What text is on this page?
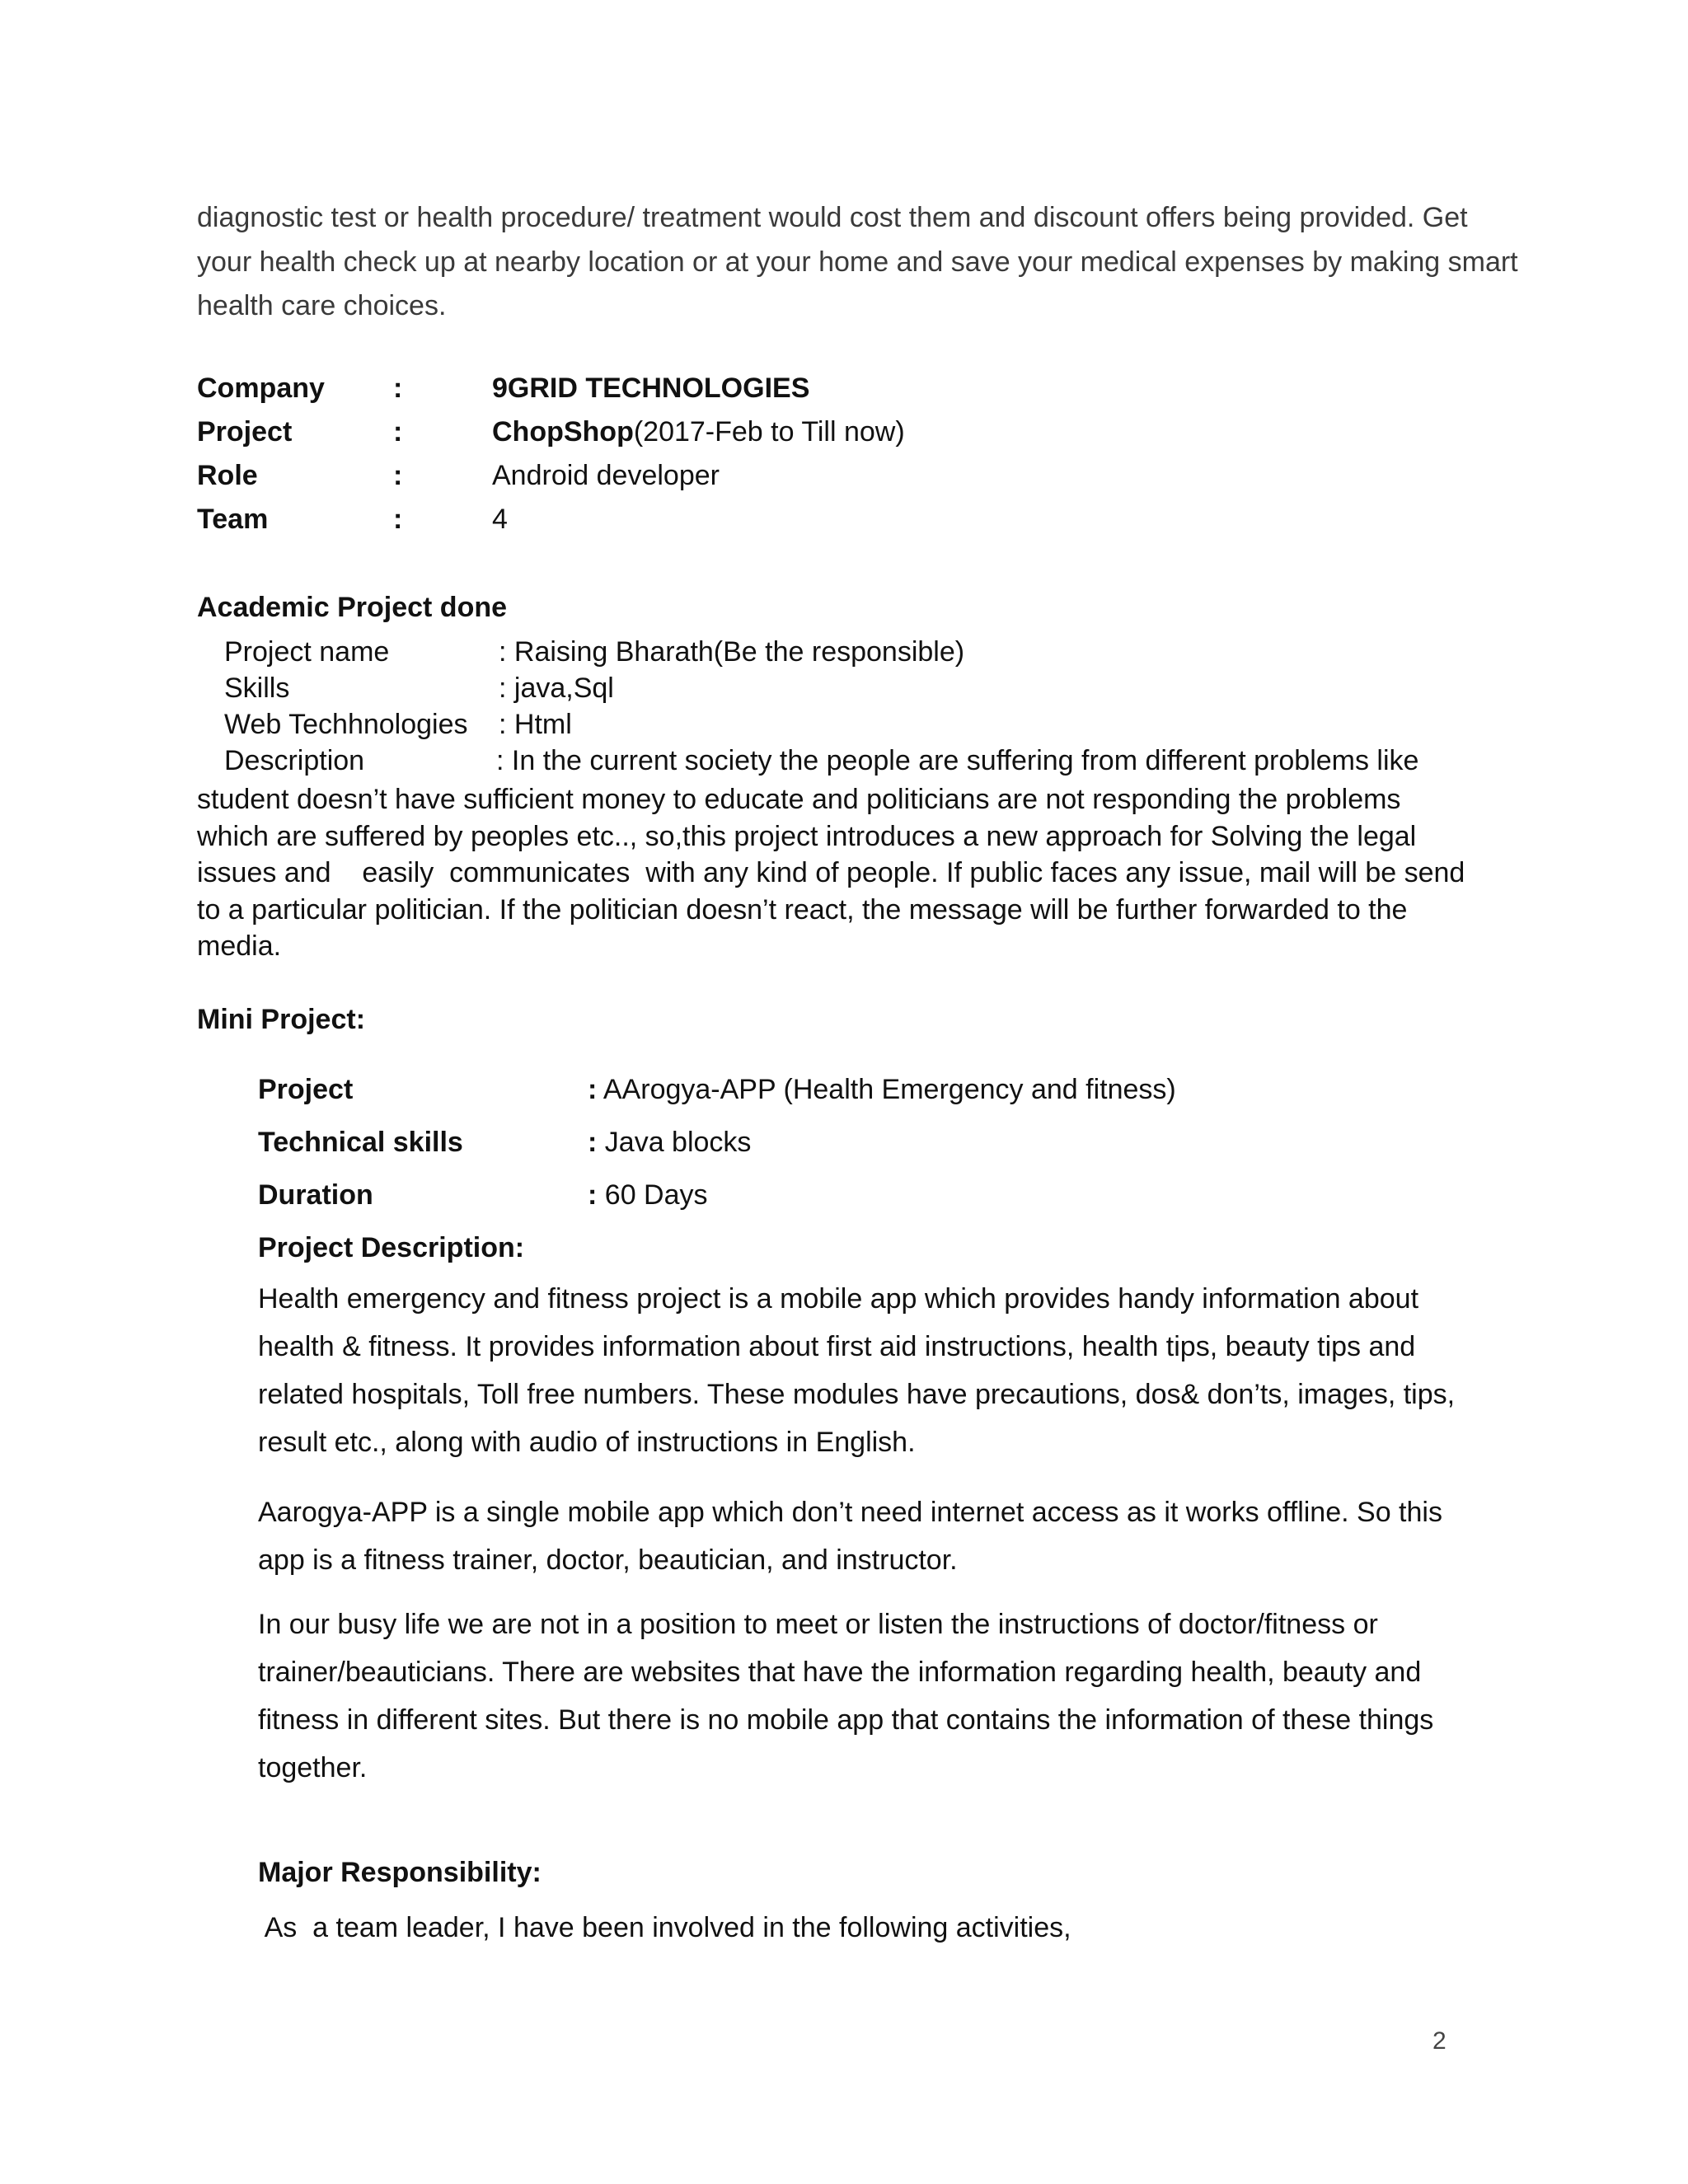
diagnostic test or health procedure/ treatment would cost them and discount offers being provided. Get
your health check up at nearby location or at your home and save your medical expenses by making smart
health care choices.
Company :	9GRID TECHNOLOGIES
Project	:	ChopShop(2017-Feb to Till now)
Role	:	Android developer
Team	:	4
Academic Project done
Project name	: Raising Bharath(Be the responsible)
Skills	: java,Sql
Web Techhnologies : Html
Description	: In the current society the people are suffering from different problems like
student doesn’t have sufficient money to educate and politicians are not responding the problems
which are suffered by peoples etc.., so,this project introduces a new approach for Solving the legal
issues and    easily  communicates  with any kind of people. If public faces any issue, mail will be send
to a particular politician. If the politician doesn’t react, the message will be further forwarded to the
media.
Mini Project:
Project	: AArogya-APP (Health Emergency and fitness)
Technical skills	: Java blocks
Duration	: 60 Days
Project Description:
Health emergency and fitness project is a mobile app which provides handy information about
health & fitness. It provides information about first aid instructions, health tips, beauty tips and
related hospitals, Toll free numbers. These modules have precautions, dos& don’ts, images, tips,
result etc., along with audio of instructions in English.
Aarogya-APP is a single mobile app which don’t need internet access as it works offline. So this
app is a fitness trainer, doctor, beautician, and instructor.
In our busy life we are not in a position to meet or listen the instructions of doctor/fitness or
trainer/beauticians. There are websites that have the information regarding health, beauty and
fitness in different sites. But there is no mobile app that contains the information of these things
together.
Major Responsibility:
As  a team leader, I have been involved in the following activities,
2
